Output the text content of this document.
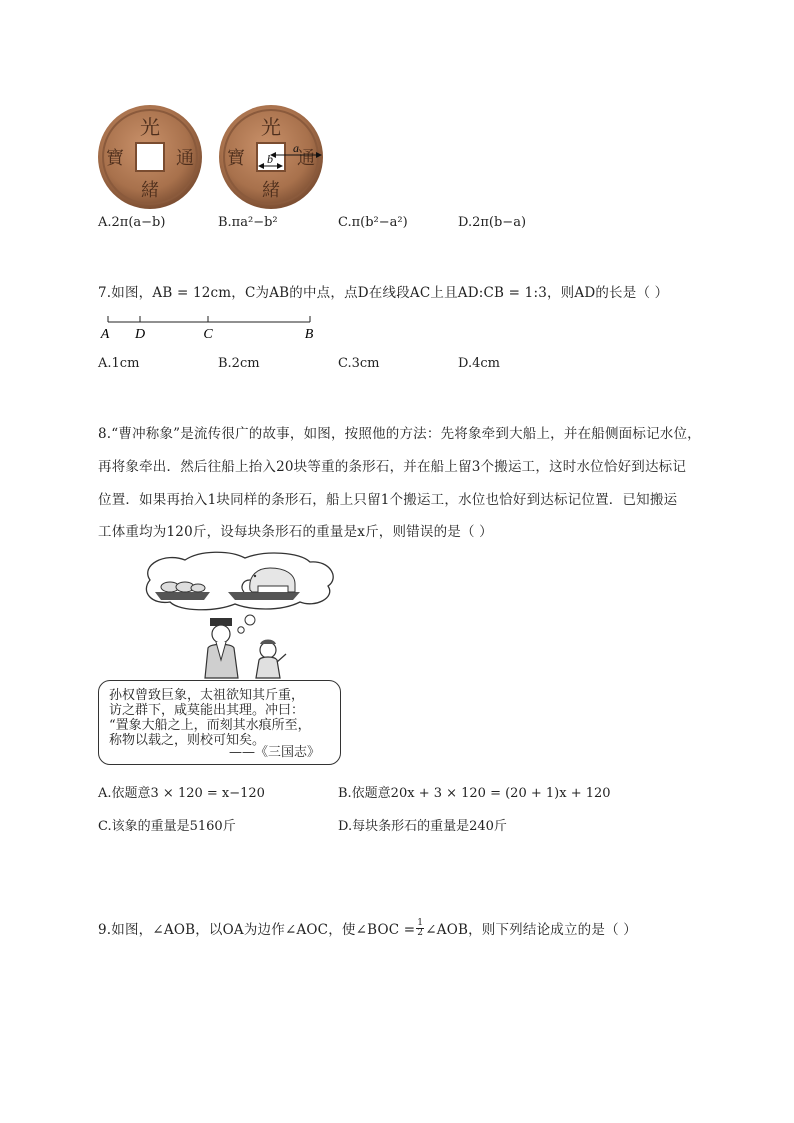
光
寶	通
緒
光
寶	通
緒
a
b
A.2π(a−b)	B.πa²−b²	C.π(b²−a²)	D.2π(b−a)
7.如图，AB = 12cm，C为AB的中点，点D在线段AC上且AD:CB = 1:3，则AD的长是（ ）
A D	C	B
A.1cm	B.2cm	C.3cm	D.4cm
8.“曹冲称象”是流传很广的故事，如图，按照他的方法：先将象牵到大船上，并在船侧面标记水位，
再将象牵出．然后往船上抬入20块等重的条形石，并在船上留3个搬运工，这时水位恰好到达标记
位置．如果再抬入1块同样的条形石，船上只留1个搬运工，水位也恰好到达标记位置．已知搬运
工体重均为120斤，设每块条形石的重量是x斤，则错误的是（ ）
孙权曾致巨象，太祖欲知其斤重，
访之群下，咸莫能出其理。冲曰：
“置象大船之上，而刻其水痕所至，
称物以载之，则校可知矣。
——《三国志》
A.依题意3 × 120 = x−120	B.依题意20x + 3 × 120 = (20 + 1)x + 120
C.该象的重量是5160斤	D.每块条形石的重量是240斤
9.如图，∠AOB，以OA为边作∠AOC，使∠BOC = $\frac{1}{2}$ ∠AOB，则下列结论成立的是（ ）
